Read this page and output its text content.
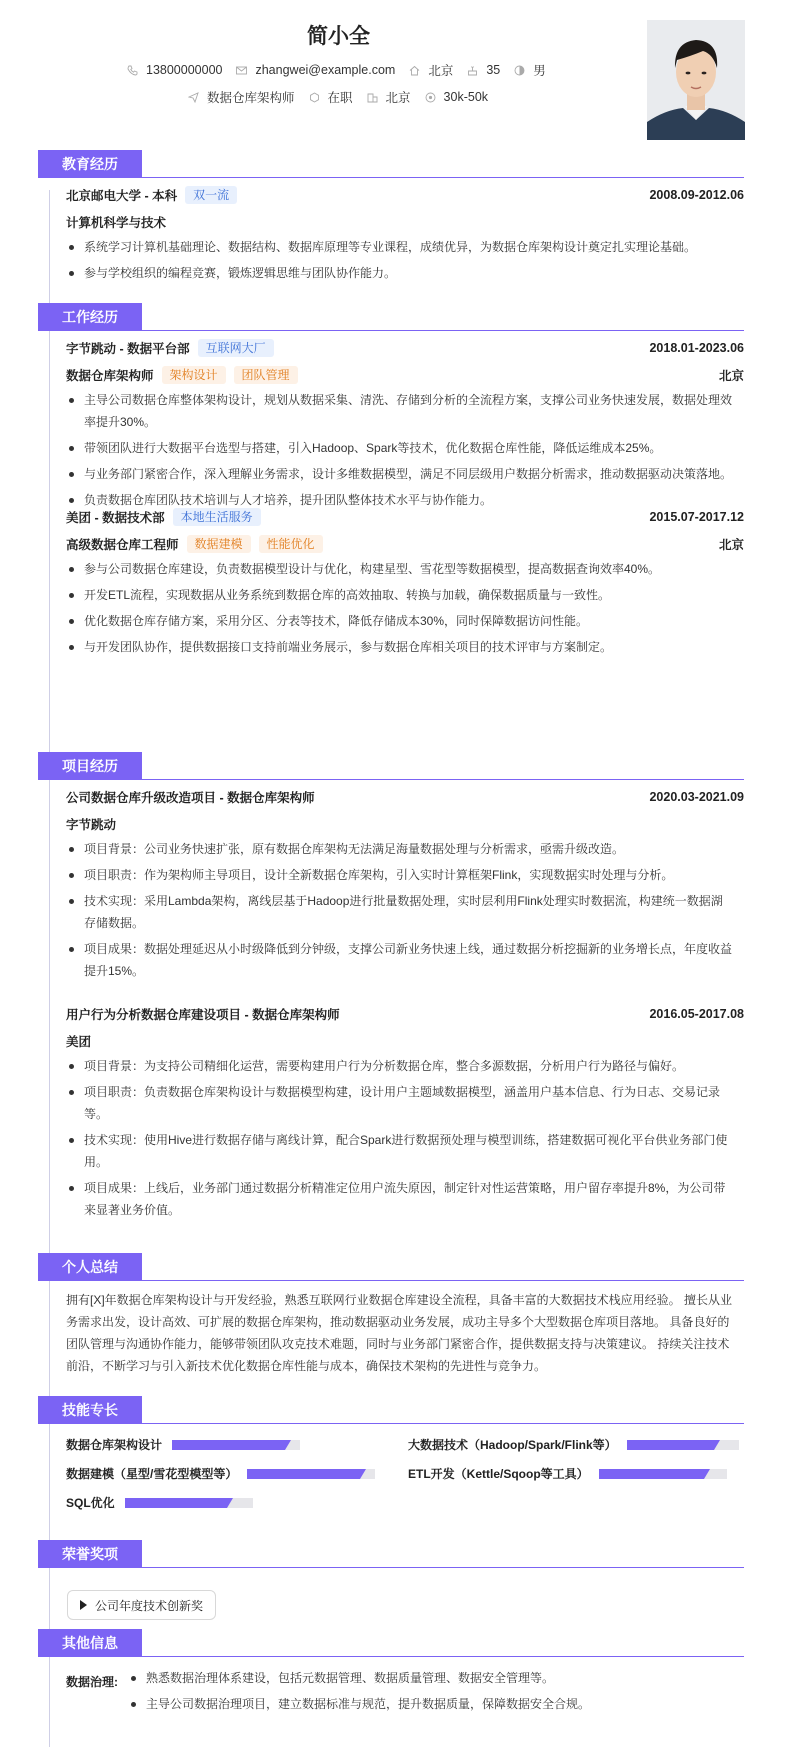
简小全
13800000000	zhangwei@example.com	北京	35	男
数据仓库架构师	在职	北京	30k-50k
教育经历
北京邮电大学 - 本科	双一流	2008.09-2012.06
计算机科学与技术
系统学习计算机基础理论、数据结构、数据库原理等专业课程，成绩优异，为数据仓库架构设计奠定扎实理论基础。
参与学校组织的编程竞赛，锻炼逻辑思维与团队协作能力。
工作经历
字节跳动 - 数据平台部	互联网大厂	2018.01-2023.06
数据仓库架构师	架构设计	团队管理	北京
主导公司数据仓库整体架构设计，规划从数据采集、清洗、存储到分析的全流程方案，支撑公司业务快速发展，数据处理效率提升30%。
带领团队进行大数据平台选型与搭建，引入Hadoop、Spark等技术，优化数据仓库性能，降低运维成本25%。
与业务部门紧密合作，深入理解业务需求，设计多维数据模型，满足不同层级用户数据分析需求，推动数据驱动决策落地。
负责数据仓库团队技术培训与人才培养，提升团队整体技术水平与协作能力。
美团 - 数据技术部	本地生活服务	2015.07-2017.12
高级数据仓库工程师	数据建模	性能优化	北京
参与公司数据仓库建设，负责数据模型设计与优化，构建星型、雪花型等数据模型，提高数据查询效率40%。
开发ETL流程，实现数据从业务系统到数据仓库的高效抽取、转换与加载，确保数据质量与一致性。
优化数据仓库存储方案，采用分区、分表等技术，降低存储成本30%，同时保障数据访问性能。
与开发团队协作，提供数据接口支持前端业务展示，参与数据仓库相关项目的技术评审与方案制定。
项目经历
公司数据仓库升级改造项目 - 数据仓库架构师	2020.03-2021.09
字节跳动
项目背景：公司业务快速扩张，原有数据仓库架构无法满足海量数据处理与分析需求，亟需升级改造。
项目职责：作为架构师主导项目，设计全新数据仓库架构，引入实时计算框架Flink，实现数据实时处理与分析。
技术实现：采用Lambda架构，离线层基于Hadoop进行批量数据处理，实时层利用Flink处理实时数据流，构建统一数据湖存储数据。
项目成果：数据处理延迟从小时级降低到分钟级，支撑公司新业务快速上线，通过数据分析挖掘新的业务增长点，年度收益提升15%。
用户行为分析数据仓库建设项目 - 数据仓库架构师	2016.05-2017.08
美团
项目背景：为支持公司精细化运营，需要构建用户行为分析数据仓库，整合多源数据，分析用户行为路径与偏好。
项目职责：负责数据仓库架构设计与数据模型构建，设计用户主题域数据模型，涵盖用户基本信息、行为日志、交易记录等。
技术实现：使用Hive进行数据存储与离线计算，配合Spark进行数据预处理与模型训练，搭建数据可视化平台供业务部门使用。
项目成果：上线后，业务部门通过数据分析精准定位用户流失原因，制定针对性运营策略，用户留存率提升8%，为公司带来显著业务价值。
个人总结
拥有[X]年数据仓库架构设计与开发经验，熟悉互联网行业数据仓库建设全流程，具备丰富的大数据技术栈应用经验。 擅长从业务需求出发，设计高效、可扩展的数据仓库架构，推动数据驱动业务发展，成功主导多个大型数据仓库项目落地。 具备良好的团队管理与沟通协作能力，能够带领团队攻克技术难题，同时与业务部门紧密合作，提供数据支持与决策建议。 持续关注技术前沿，不断学习与引入新技术优化数据仓库性能与成本，确保技术架构的先进性与竞争力。
技能专长
数据仓库架构设计	大数据技术（Hadoop/Spark/Flink等）
数据建模（星型/雪花型模型等）	ETL开发（Kettle/Sqoop等工具）
SQL优化
荣誉奖项
公司年度技术创新奖
其他信息
数据治理:	熟悉数据治理体系建设，包括元数据管理、数据质量管理、数据安全管理等。
主导公司数据治理项目，建立数据标准与规范，提升数据质量，保障数据安全合规。
